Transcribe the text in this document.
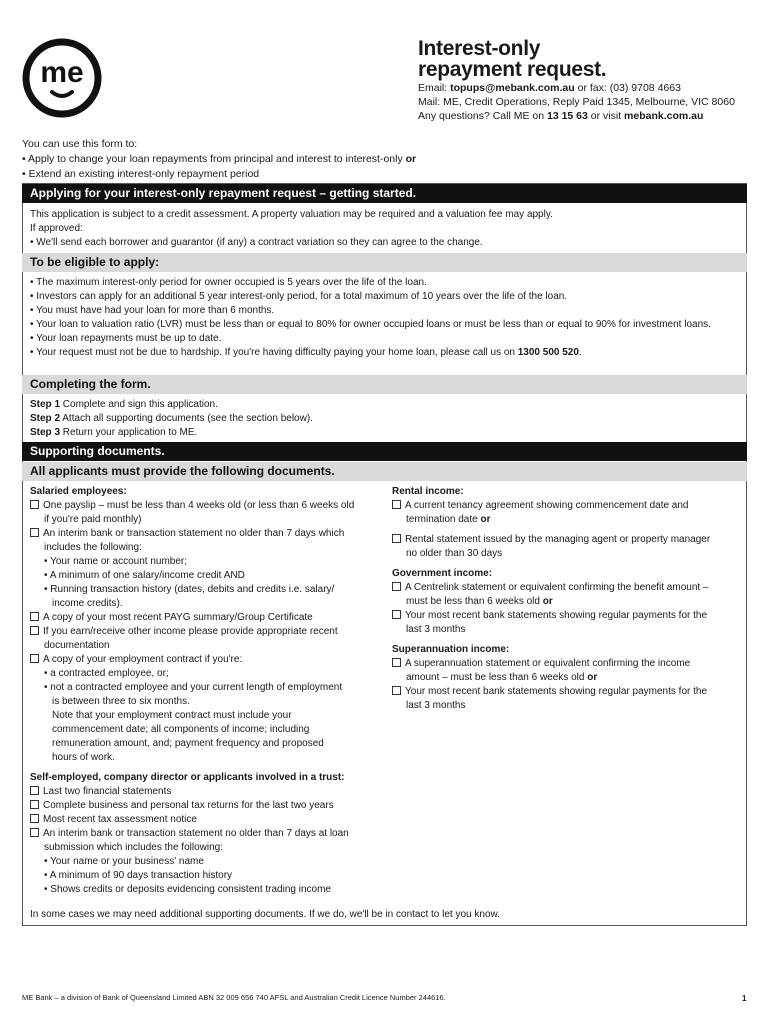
me
Interest-only
repayment request.
Email: topups@mebank.com.au or fax: (03) 9708 4663
Mail: ME, Credit Operations, Reply Paid 1345, Melbourne, VIC 8060
Any questions? Call ME on 13 15 63 or visit mebank.com.au
You can use this form to:
• Apply to change your loan repayments from principal and interest to interest-only or
• Extend an existing interest-only repayment period
Applying for your interest-only repayment request – getting started.
This application is subject to a credit assessment. A property valuation may be required and a valuation fee may apply.
If approved:
• We'll send each borrower and guarantor (if any) a contract variation so they can agree to the change.
To be eligible to apply:
• The maximum interest-only period for owner occupied is 5 years over the life of the loan.
• Investors can apply for an additional 5 year interest-only period, for a total maximum of 10 years over the life of the loan.
• You must have had your loan for more than 6 months.
• Your loan to valuation ratio (LVR) must be less than or equal to 80% for owner occupied loans or must be less than or equal to 90% for investment loans.
• Your loan repayments must be up to date.
• Your request must not be due to hardship. If you're having difficulty paying your home loan, please call us on 1300 500 520.
Completing the form.
Step 1 Complete and sign this application.
Step 2 Attach all supporting documents (see the section below).
Step 3 Return your application to ME.
Supporting documents.
All applicants must provide the following documents.
Salaried employees:
One payslip – must be less than 4 weeks old (or less than 6 weeks old
if you're paid monthly)
An interim bank or transaction statement no older than 7 days which
includes the following:
• Your name or account number;
• A minimum of one salary/income credit AND
• Running transaction history (dates, debits and credits i.e. salary/
income credits).
A copy of your most recent PAYG summary/Group Certificate
If you earn/receive other income please provide appropriate recent
documentation
A copy of your employment contract if you're:
• a contracted employee, or;
• not a contracted employee and your current length of employment
is between three to six months.
Note that your employment contract must include your
commencement date; all components of income; including
remuneration amount, and; payment frequency and proposed
hours of work.
Self-employed, company director or applicants involved in a trust:
Last two financial statements
Complete business and personal tax returns for the last two years
Most recent tax assessment notice
An interim bank or transaction statement no older than 7 days at loan
submission which includes the following:
• Your name or your business' name
• A minimum of 90 days transaction history
• Shows credits or deposits evidencing consistent trading income
Rental income:
A current tenancy agreement showing commencement date and
termination date or
Rental statement issued by the managing agent or property manager
no older than 30 days
Government income:
A Centrelink statement or equivalent confirming the benefit amount –
must be less than 6 weeks old or
Your most recent bank statements showing regular payments for the
last 3 months
Superannuation income:
A superannuation statement or equivalent confirming the income
amount – must be less than 6 weeks old or
Your most recent bank statements showing regular payments for the
last 3 months
In some cases we may need additional supporting documents. If we do, we'll be in contact to let you know.
ME Bank – a division of Bank of Queensland Limited ABN 32 009 656 740 AFSL and Australian Credit Licence Number 244616.	1
